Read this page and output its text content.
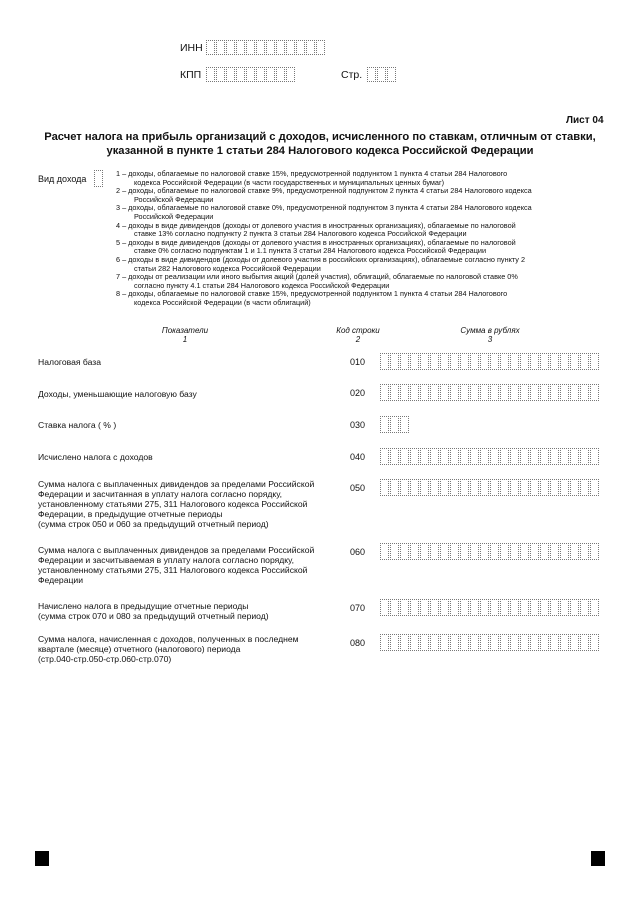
ИНН
КПП	Стр.
Лист 04
Расчет налога на прибыль организаций с доходов, исчисленного по ставкам, отличным от ставки,
указанной в пункте 1 статьи 284 Налогового кодекса Российской Федерации
Вид дохода
1 – доходы, облагаемые по налоговой ставке 15%, предусмотренной подпунктом 1 пункта 4 статьи 284 Налогового
кодекса Российской Федерации (в части государственных и муниципальных ценных бумаг)
2 – доходы, облагаемые по налоговой ставке 9%, предусмотренной подпунктом 2 пункта 4 статьи 284 Налогового кодекса
Российской Федерации
3 – доходы, облагаемые по налоговой ставке 0%, предусмотренной подпунктом 3 пункта 4 статьи 284 Налогового кодекса
Российской Федерации
4 – доходы в виде дивидендов (доходы от долевого участия в иностранных организациях), облагаемые по налоговой
ставке 13% согласно подпункту 2 пункта 3 статьи 284 Налогового кодекса Российской Федерации
5 – доходы в виде дивидендов (доходы от долевого участия в иностранных организациях), облагаемые по налоговой
ставке 0% согласно подпунктам 1 и 1.1 пункта 3 статьи 284 Налогового кодекса Российской Федерации
6 – доходы в виде дивидендов (доходы от долевого участия в российских организациях), облагаемые согласно пункту 2
статьи 282 Налогового кодекса Российской Федерации
7 – доходы от реализации или иного выбытия акций (долей участия), облигаций, облагаемые по налоговой ставке 0%
согласно пункту 4.1 статьи 284 Налогового кодекса Российской Федерации
8 – доходы, облагаемые по налоговой ставке 15%, предусмотренной подпунктом 1 пункта 4 статьи 284 Налогового
кодекса Российской Федерации (в части облигаций)
Показатели
1
Код строки
2
Сумма в рублях
3
Налоговая база	010
Доходы, уменьшающие налоговую базу	020
Ставка налога ( % )	030
Исчислено налога с доходов	040
Сумма налога с выплаченных дивидендов за пределами Российской
Федерации и засчитанная в уплату налога согласно порядку,
установленному статьями 275, 311 Налогового кодекса Российской
Федерации, в предыдущие отчетные периоды
(сумма строк 050 и 060 за предыдущий отчетный период)
050
Сумма налога с выплаченных дивидендов за пределами Российской
Федерации и засчитываемая в уплату налога согласно порядку,
установленному статьями 275, 311 Налогового кодекса Российской
Федерации
060
Начислено налога в предыдущие отчетные периоды
(сумма строк 070 и 080 за предыдущий отчетный период)
070
Сумма налога, начисленная с доходов, полученных в последнем
квартале (месяце) отчетного (налогового) периода
(стр.040-стр.050-стр.060-стр.070)
080
